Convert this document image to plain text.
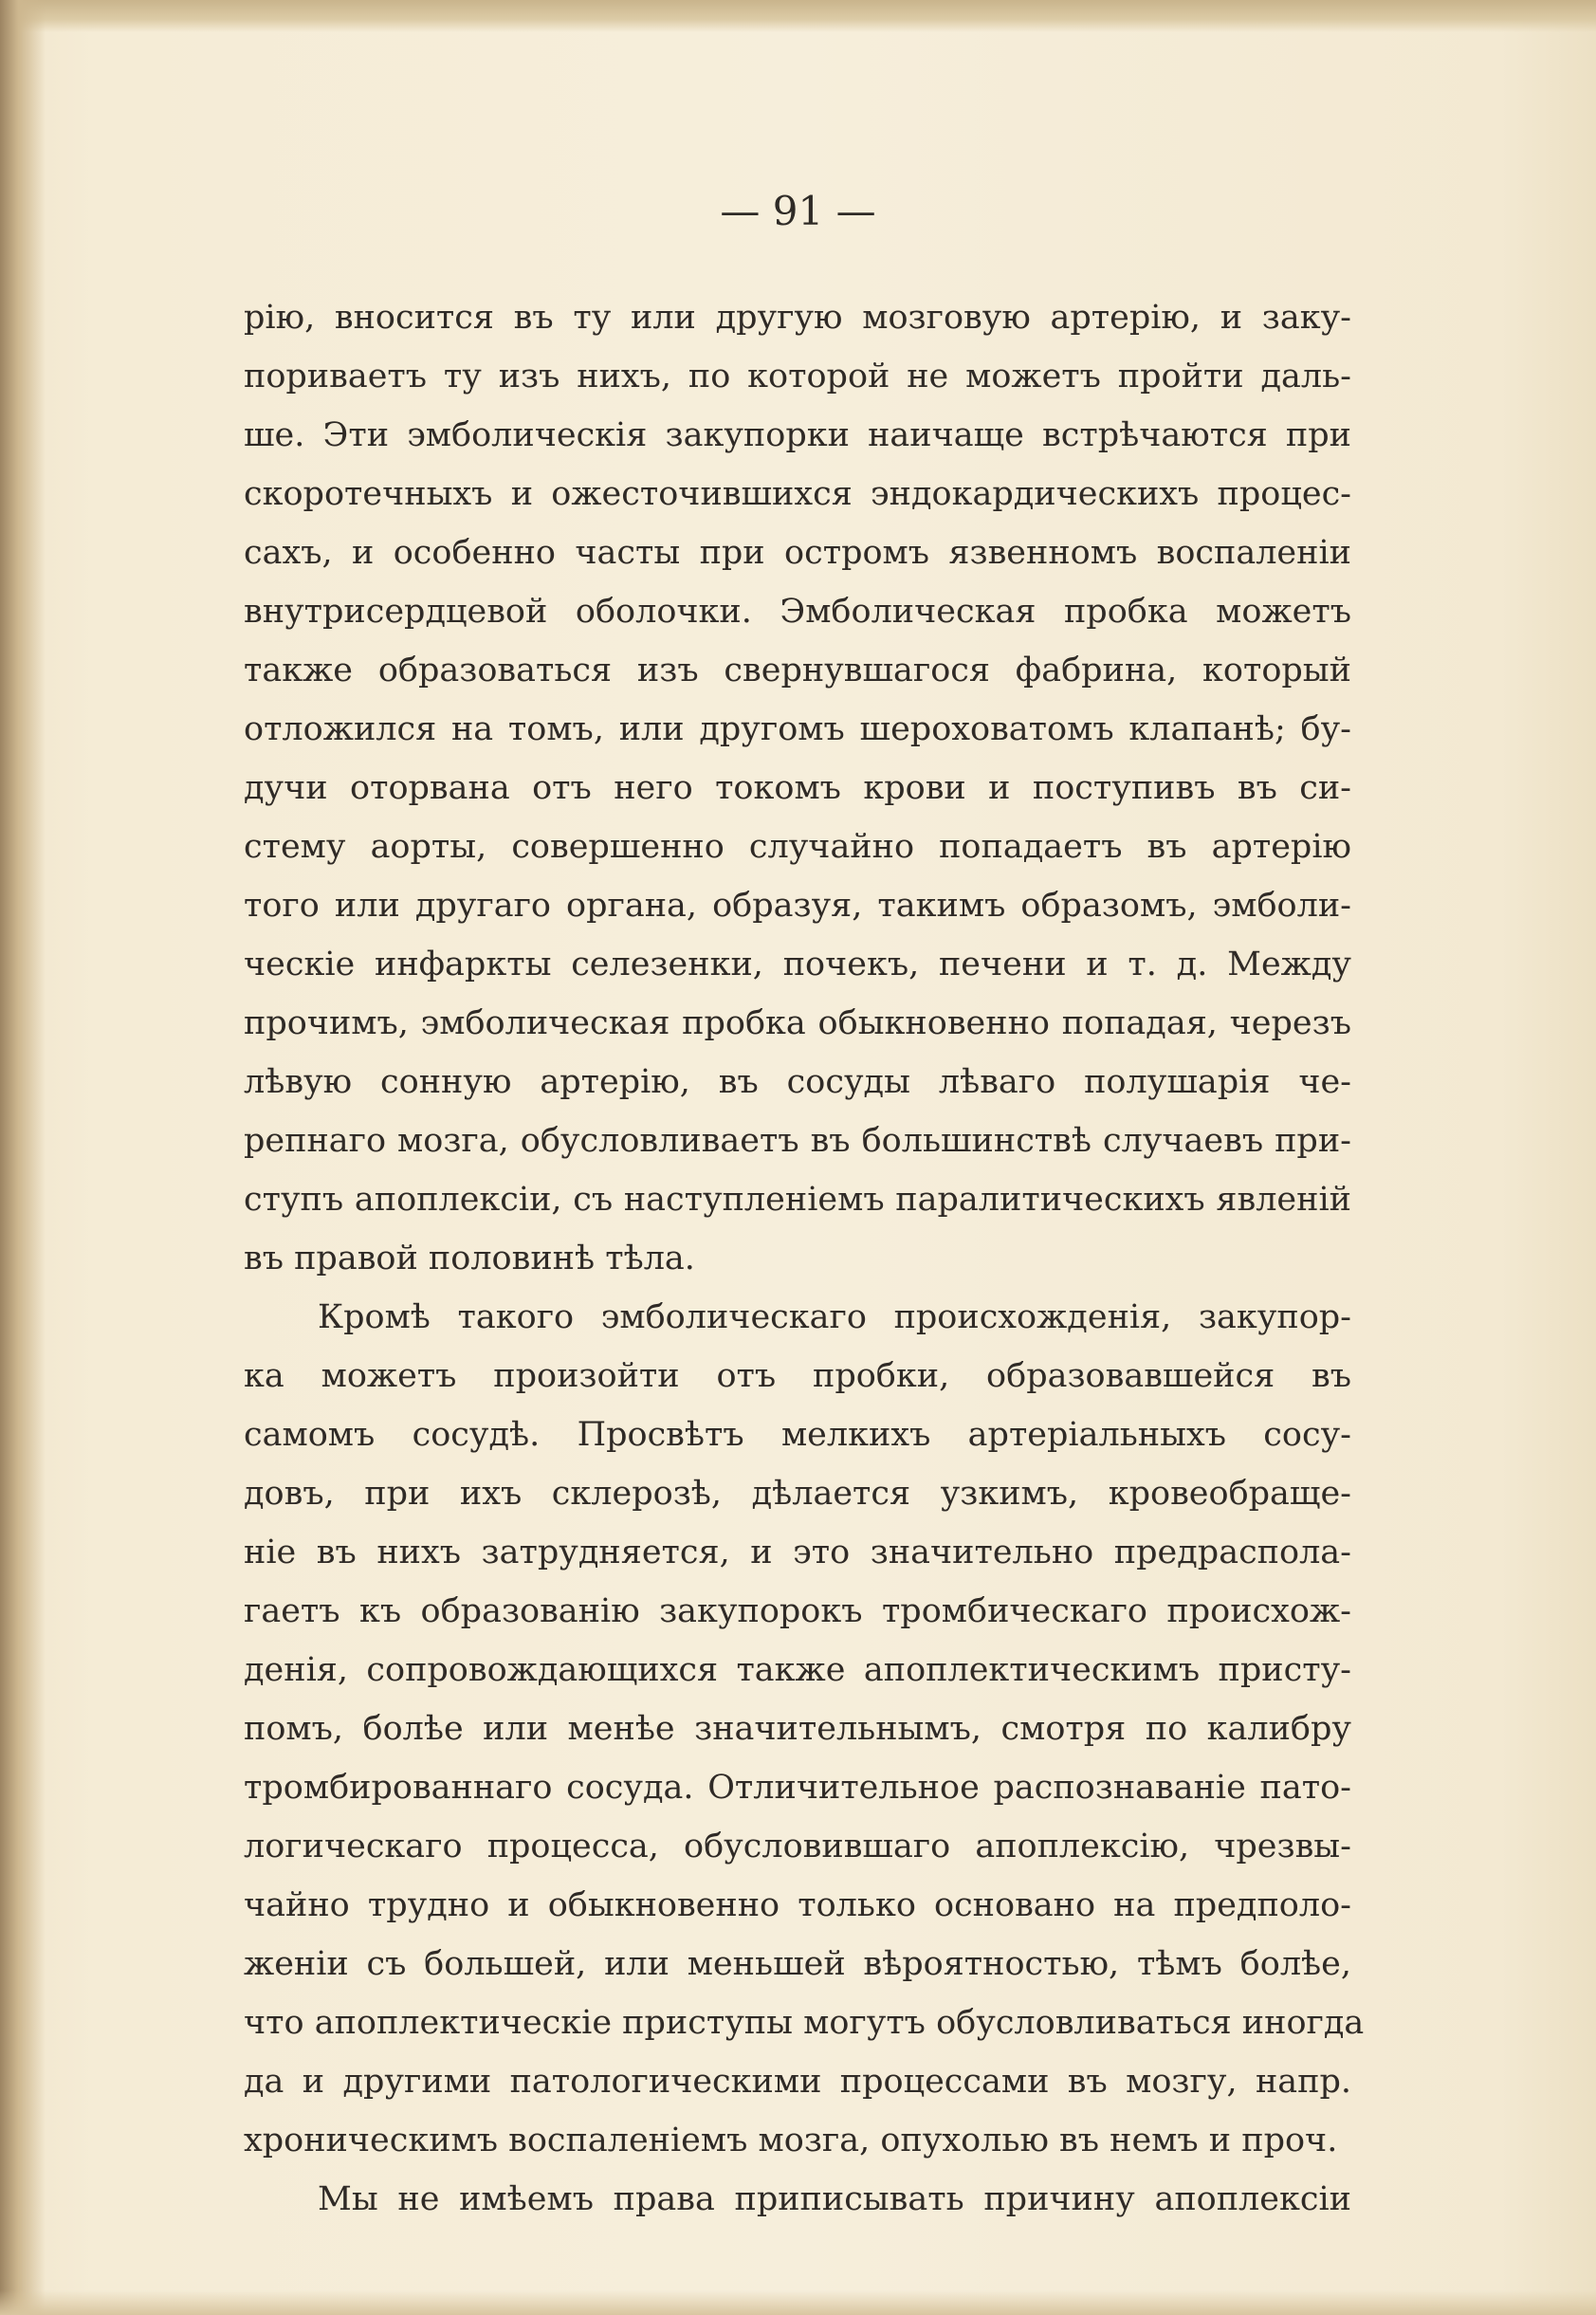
— 91 —
рію, вносится въ ту или другую мозговую артерію, и заку-
пориваетъ ту изъ нихъ, по которой не можетъ пройти даль-
ше. Эти эмболическія закупорки наичаще встрѣчаются при
скоротечныхъ и ожесточившихся эндокардическихъ процес-
сахъ, и особенно часты при остромъ язвенномъ воспаленіи
внутрисердцевой оболочки. Эмболическая пробка можетъ
также образоваться изъ свернувшагося фабрина, который
отложился на томъ, или другомъ шероховатомъ клапанѣ; бу-
дучи оторвана отъ него токомъ крови и поступивъ въ си-
стему аорты, совершенно случайно попадаетъ въ артерію
того или другаго органа, образуя, такимъ образомъ, эмболи-
ческіе инфаркты селезенки, почекъ, печени и т. д. Между
прочимъ, эмболическая пробка обыкновенно попадая, черезъ
лѣвую сонную артерію, въ сосуды лѣваго полушарія че-
репнаго мозга, обусловливаетъ въ большинствѣ случаевъ при-
ступъ апоплексіи, съ наступленіемъ паралитическихъ явленій
въ правой половинѣ тѣла.
Кромѣ такого эмболическаго происхожденія, закупор-
ка можетъ произойти отъ пробки, образовавшейся въ
самомъ сосудѣ. Просвѣтъ мелкихъ артеріальныхъ сосу-
довъ, при ихъ склерозѣ, дѣлается узкимъ, кровеобраще-
ніе въ нихъ затрудняется, и это значительно предраспола-
гаетъ къ образованію закупорокъ тромбическаго происхож-
денія, сопровождающихся также апоплектическимъ присту-
помъ, болѣе или менѣе значительнымъ, смотря по калибру
тромбированнаго сосуда. Отличительное распознаваніе пато-
логическаго процесса, обусловившаго апоплексію, чрезвы-
чайно трудно и обыкновенно только основано на предполо-
женіи съ большей, или меньшей вѣроятностью, тѣмъ болѣе,
что апоплектическіе приступы могутъ обусловливаться иногда
да и другими патологическими процессами въ мозгу, напр.
хроническимъ воспаленіемъ мозга, опухолью въ немъ и проч.
Мы не имѣемъ права приписывать причину апоплексіи
